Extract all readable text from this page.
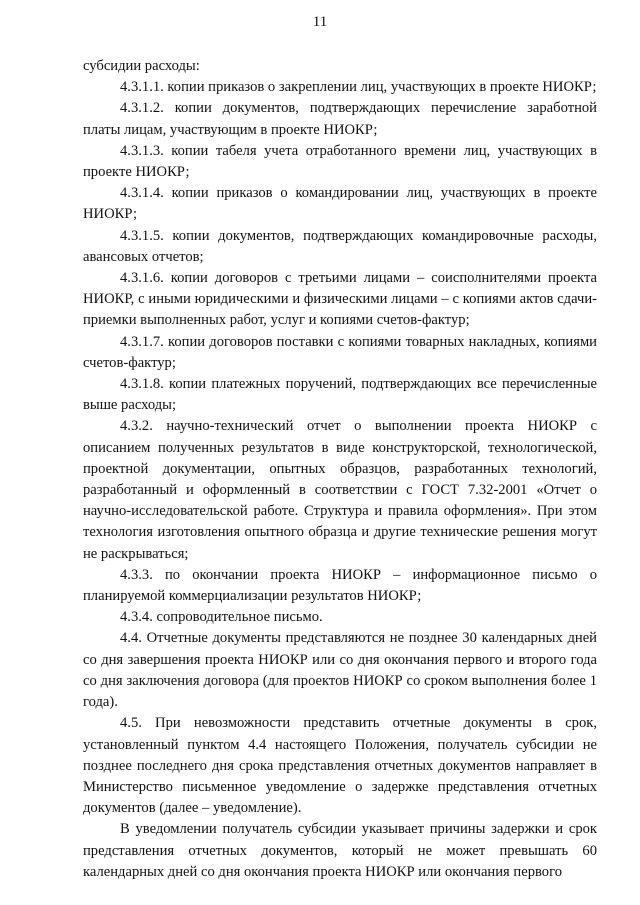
11

субсидии расходы:

4.3.1.1. копии приказов о закреплении лиц, участвующих в проекте НИОКР;

4.3.1.2. копии документов, подтверждающих перечисление заработной платы лицам, участвующим в проекте НИОКР;

4.3.1.3. копии табеля учета отработанного времени лиц, участвующих в проекте НИОКР;

4.3.1.4. копии приказов о командировании лиц, участвующих в проекте НИОКР;

4.3.1.5. копии документов, подтверждающих командировочные расходы, авансовых отчетов;

4.3.1.6. копии договоров с третьими лицами – соисполнителями проекта НИОКР, с иными юридическими и физическими лицами – с копиями актов сдачи-приемки выполненных работ, услуг и копиями счетов-фактур;

4.3.1.7. копии договоров поставки с копиями товарных накладных, копиями счетов-фактур;

4.3.1.8. копии платежных поручений, подтверждающих все перечисленные выше расходы;

4.3.2. научно-технический отчет о выполнении проекта НИОКР с описанием полученных результатов в виде конструкторской, технологической, проектной документации, опытных образцов, разработанных технологий, разработанный и оформленный в соответствии с ГОСТ 7.32-2001 «Отчет о научно-исследовательской работе. Структура и правила оформления». При этом технология изготовления опытного образца и другие технические решения могут не раскрываться;

4.3.3. по окончании проекта НИОКР – информационное письмо о планируемой коммерциализации результатов НИОКР;

4.3.4. сопроводительное письмо.

4.4. Отчетные документы представляются не позднее 30 календарных дней со дня завершения проекта НИОКР или со дня окончания первого и второго года со дня заключения договора (для проектов НИОКР со сроком выполнения более 1 года).

4.5. При невозможности представить отчетные документы в срок, установленный пунктом 4.4 настоящего Положения, получатель субсидии не позднее последнего дня срока представления отчетных документов направляет в Министерство письменное уведомление о задержке представления отчетных документов (далее – уведомление).

В уведомлении получатель субсидии указывает причины задержки и срок представления отчетных документов, который не может превышать 60 календарных дней со дня окончания проекта НИОКР или окончания первого
